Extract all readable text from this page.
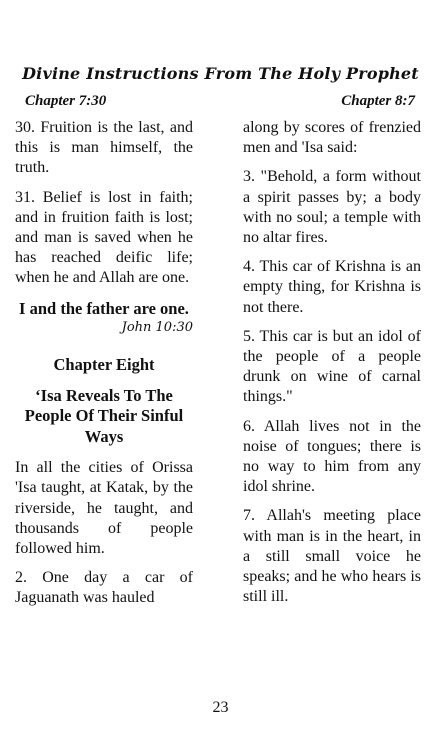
Divine Instructions From The Holy Prophet
Chapter 7:30	Chapter 8:7

30. Fruition is the last, and this is man himself, the truth.

31. Belief is lost in faith; and in fruition faith is lost; and man is saved when he has reached deific life; when he and Allah are one.

I and the father are one.
John 10:30
Chapter Eight
‘Isa Reveals To The People Of Their Sinful Ways

In all the cities of Orissa 'Isa taught, at Katak, by the riverside, he taught, and thousands of people followed him.

2. One day a car of Jaguanath was hauled

along by scores of frenzied men and 'Isa said:

3. "Behold, a form without a spirit passes by; a body with no soul; a temple with no altar fires.

4. This car of Krishna is an empty thing, for Krishna is not there.

5. This car is but an idol of the people of a people drunk on wine of carnal things."

6. Allah lives not in the noise of tongues; there is no way to him from any idol shrine.

7. Allah's meeting place with man is in the heart, in a still small voice he speaks; and he who hears is still ill.

23
